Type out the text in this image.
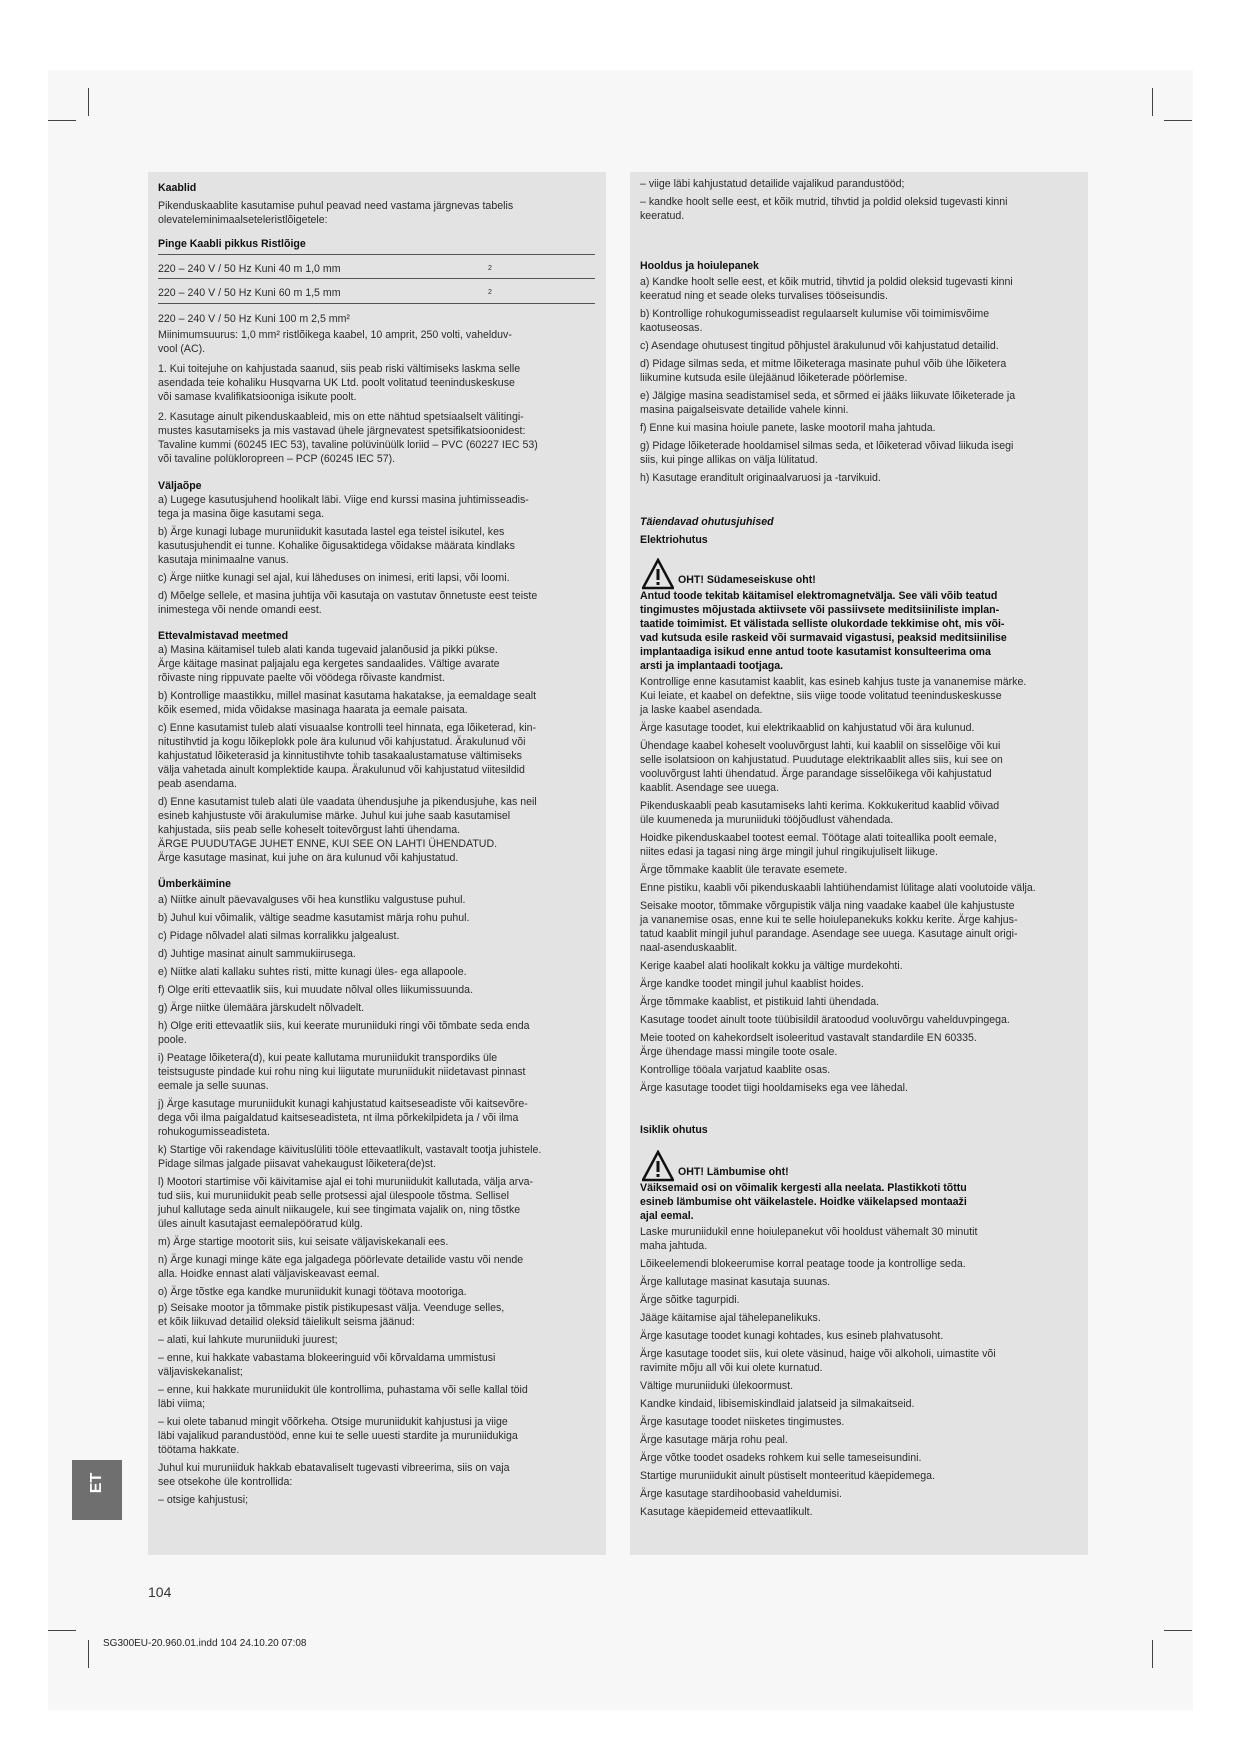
2
2
Kaablid
Pikenduskaablite kasutamise puhul peavad need vastama järgnevas tabelis
olevateleminimaalseteleristlõigetele:
Pinge Kaabli pikkus Ristlõige
220 – 240 V / 50 Hz Kuni 40 m 1,0 mm
220 – 240 V / 50 Hz Kuni 60 m 1,5 mm
220 – 240 V / 50 Hz Kuni 100 m 2,5 mm²
Miinimumsuurus: 1,0 mm² ristlõikega kaabel, 10 amprit, 250 volti, vahelduv-
vool (AC).
1. Kui toitejuhe on kahjustada saanud, siis peab riski vältimiseks laskma selle
asendada teie kohaliku Husqvarna UK Ltd. poolt volitatud teeninduskeskuse
või samase kvalifikatsiooniga isikute poolt.
2. Kasutage ainult pikenduskaableid, mis on ette nähtud spetsiaalselt välitingi-
mustes kasutamiseks ja mis vastavad ühele järgnevatest spetsifikatsioonidest:
Tavaline kummi (60245 IEC 53), tavaline polüvinüülk loriid – PVC (60227 IEC 53)
või tavaline polükloropreen – PCP (60245 IEC 57).
Väljaõpe
a) Lugege kasutusjuhend hoolikalt läbi. Viige end kurssi masina juhtimisseadis-
tega ja masina õige kasutami sega.
b) Ärge kunagi lubage muruniidukit kasutada lastel ega teistel isikutel, kes
kasutusjuhendit ei tunne. Kohalike õigusaktidega võidakse määrata kindlaks
kasutaja minimaalne vanus.
c) Ärge niitke kunagi sel ajal, kui läheduses on inimesi, eriti lapsi, või loomi.
d) Mõelge sellele, et masina juhtija või kasutaja on vastutav õnnetuste eest teiste
inimestega või nende omandi eest.
Ettevalmistavad meetmed
a) Masina käitamisel tuleb alati kanda tugevaid jalanõusid ja pikki pükse.
Ärge käitage masinat paljajalu ega kergetes sandaalides. Vältige avarate
rõivaste ning rippuvate paelte või vöödega rõivaste kandmist.
b) Kontrollige maastikku, millel masinat kasutama hakatakse, ja eemaldage sealt
kõik esemed, mida võidakse masinaga haarata ja eemale paisata.
c) Enne kasutamist tuleb alati visuaalse kontrolli teel hinnata, ega lõiketerad, kin-
nitustihvtid ja kogu lõikeplokk pole ära kulunud või kahjustatud. Ärakulunud või
kahjustatud lõiketerasid ja kinnitustihvte tohib tasakaalustamatuse vältimiseks
välja vahetada ainult komplektide kaupa. Ärakulunud või kahjustatud viitesildid
peab asendama.
d) Enne kasutamist tuleb alati üle vaadata ühendusjuhe ja pikendusjuhe, kas neil
esineb kahjustuste või ärakulumise märke. Juhul kui juhe saab kasutamisel
kahjustada, siis peab selle koheselt toitevõrgust lahti ühendama.
ÄRGE PUUDUTAGE JUHET ENNE, KUI SEE ON LAHTI ÜHENDATUD.
Ärge kasutage masinat, kui juhe on ära kulunud või kahjustatud.
Ümberkäimine
a) Niitke ainult päevavalguses või hea kunstliku valgustuse puhul.
b) Juhul kui võimalik, vältige seadme kasutamist märja rohu puhul.
c) Pidage nõlvadel alati silmas korralikku jalgealust.
d) Juhtige masinat ainult sammukiirusega.
e) Niitke alati kallaku suhtes risti, mitte kunagi üles- ega allapoole.
f) Olge eriti ettevaatlik siis, kui muudate nõlval olles liikumissuunda.
g) Ärge niitke ülemäära järskudelt nõlvadelt.
h) Olge eriti ettevaatlik siis, kui keerate muruniiduki ringi või tõmbate seda enda
poole.
i) Peatage lõiketera(d), kui peate kallutama muruniidukit transpordiks üle
teistsuguste pindade kui rohu ning kui liigutate muruniidukit niidetavast pinnast
eemale ja selle suunas.
j) Ärge kasutage muruniidukit kunagi kahjustatud kaitseseadiste või kaitsevõre-
dega või ilma paigaldatud kaitseseadisteta, nt ilma põrkekilpideta ja / või ilma
rohukogumisseadisteta.
k) Startige või rakendage käivituslüliti tööle ettevaatlikult, vastavalt tootja juhistele.
Pidage silmas jalgade piisavat vahekaugust lõiketera(de)st.
l) Mootori startimise või käivitamise ajal ei tohi muruniidukit kallutada, välja arva-
tud siis, kui muruniidukit peab selle protsessi ajal ülespoole tõstma. Sellisel
juhul kallutage seda ainult niikaugele, kui see tingimata vajalik on, ning tõstke
üles ainult kasutajast eemalepöörатud külg.
m) Ärge startige mootorit siis, kui seisate väljaviskekanali ees.
n) Ärge kunagi minge käte ega jalgadega pöörlevate detailide vastu või nende
alla. Hoidke ennast alati väljaviskeavast eemal.
o) Ärge tõstke ega kandke muruniidukit kunagi töötava mootoriga.
p) Seisake mootor ja tõmmake pistik pistikupesast välja. Veenduge selles,
et kõik liikuvad detailid oleksid täielikult seisma jäänud:
– alati, kui lahkute muruniiduki juurest;
– enne, kui hakkate vabastama blokeeringuid või kõrvaldama ummistusi
väljaviskekanalist;
– enne, kui hakkate muruniidukit üle kontrollima, puhastama või selle kallal töid
läbi viima;
– kui olete tabanud mingit võõrkeha. Otsige muruniidukit kahjustusi ja viige
läbi vajalikud parandustööd, enne kui te selle uuesti stardite ja muruniidukiga
töötama hakkate.
Juhul kui muruniiduk hakkab ebatavaliselt tugevasti vibreerima, siis on vaja
see otsekohe üle kontrollida:
– otsige kahjustusi;
– viige läbi kahjustatud detailide vajalikud parandustööd;
– kandke hoolt selle eest, et kõik mutrid, tihvtid ja poldid oleksid tugevasti kinni
keeratud.
Hooldus ja hoiulepanek
a) Kandke hoolt selle eest, et kõik mutrid, tihvtid ja poldid oleksid tugevasti kinni
keeratud ning et seade oleks turvalises tööseisundis.
b) Kontrollige rohukogumisseadist regulaarselt kulumise või toimimisvõime
kaotuseosas.
c) Asendage ohutusest tingitud põhjustel ärakulunud või kahjustatud detailid.
d) Pidage silmas seda, et mitme lõiketeraga masinate puhul võib ühe lõiketera
liikumine kutsuda esile ülejäänud lõiketerade pöörlemise.
e) Jälgige masina seadistamisel seda, et sõrmed ei jääks liikuvate lõiketerade ja
masina paigalseisvate detailide vahele kinni.
f) Enne kui masina hoiule panete, laske mootoril maha jahtuda.
g) Pidage lõiketerade hooldamisel silmas seda, et lõiketerad võivad liikuda isegi
siis, kui pinge allikas on välja lülitatud.
h) Kasutage eranditult originaalvaruosi ja -tarvikuid.
Täiendavad ohutusjuhised
Elektriohutus
OHT! Südameseiskuse oht!
Antud toode tekitab käitamisel elektromagnetvälja. See väli võib teatud
tingimustes mõjustada aktiivsete või passiivsete meditsiiniliste implan-
taatide toimimist. Et välistada selliste olukordade tekkimise oht, mis või-
vad kutsuda esile raskeid või surmavaid vigastusi, peaksid meditsiinilise
implantaadiga isikud enne antud toote kasutamist konsulteerima oma
arsti ja implantaadi tootjaga.
Kontrollige enne kasutamist kaablit, kas esineb kahjus tuste ja vananemise märke.
Kui leiate, et kaabel on defektne, siis viige toode volitatud teeninduskeskusse
ja laske kaabel asendada.
Ärge kasutage toodet, kui elektrikaablid on kahjustatud või ära kulunud.
Ühendage kaabel koheselt vooluvõrgust lahti, kui kaablil on sisselõige või kui
selle isolatsioon on kahjustatud. Puudutage elektrikaablit alles siis, kui see on
vooluvõrgust lahti ühendatud. Ärge parandage sisselõikega või kahjustatud
kaablit. Asendage see uuega.
Pikenduskaabli peab kasutamiseks lahti kerima. Kokkukeritud kaablid võivad
üle kuumeneda ja muruniiduki tööjõudlust vähendada.
Hoidke pikenduskaabel tootest eemal. Töötage alati toiteallika poolt eemale,
niites edasi ja tagasi ning ärge mingil juhul ringikujuliselt liikuge.
Ärge tõmmake kaablit üle teravate esemete.
Enne pistiku, kaabli või pikenduskaabli lahtiühendamist lülitage alati voolutoide välja.
Seisake mootor, tõmmake võrgupistik välja ning vaadake kaabel üle kahjustuste
ja vananemise osas, enne kui te selle hoiulepanekuks kokku kerite. Ärge kahjus-
tatud kaablit mingil juhul parandage. Asendage see uuega. Kasutage ainult origi-
naal-asenduskaablit.
Kerige kaabel alati hoolikalt kokku ja vältige murdekohti.
Ärge kandke toodet mingil juhul kaablist hoides.
Ärge tõmmake kaablist, et pistikuid lahti ühendada.
Kasutage toodet ainult toote tüübisildil äratoodud vooluvõrgu vahelduvpingega.
Meie tooted on kahekordselt isoleeritud vastavalt standardile EN 60335.
Ärge ühendage massi mingile toote osale.
Kontrollige tööala varjatud kaablite osas.
Ärge kasutage toodet tiigi hooldamiseks ega vee lähedal.
Isiklik ohutus
OHT! Lämbumise oht!
Väiksemaid osi on võimalik kergesti alla neelata. Plastikkoti tõttu
esineb lämbumise oht väikelastele. Hoidke väikelapsed montaaži
ajal eemal.
Laske muruniidukil enne hoiulepanekut või hooldust vähemalt 30 minutit
maha jahtuda.
Lõikeelemendi blokeerumise korral peatage toode ja kontrollige seda.
Ärge kallutage masinat kasutaja suunas.
Ärge sõitke tagurpidi.
Jääge käitamise ajal tähelepanelikuks.
Ärge kasutage toodet kunagi kohtades, kus esineb plahvatusoht.
Ärge kasutage toodet siis, kui olete väsinud, haige või alkoholi, uimastite või
ravimite mõju all või kui olete kurnatud.
Vältige muruniiduki ülekoormust.
Kandke kindaid, libisemiskindlaid jalatseid ja silmakaitseid.
Ärge kasutage toodet niisketes tingimustes.
Ärge kasutage märja rohu peal.
Ärge võtke toodet osadeks rohkem kui selle tameseisundini.
Startige muruniidukit ainult püstiselt monteeritud käepidemega.
Ärge kasutage stardihoobasid vaheldumisi.
Kasutage käepidemeid ettevaatlikult.
ET
104
SG300EU-20.960.01.indd 104 24.10.20 07:08
